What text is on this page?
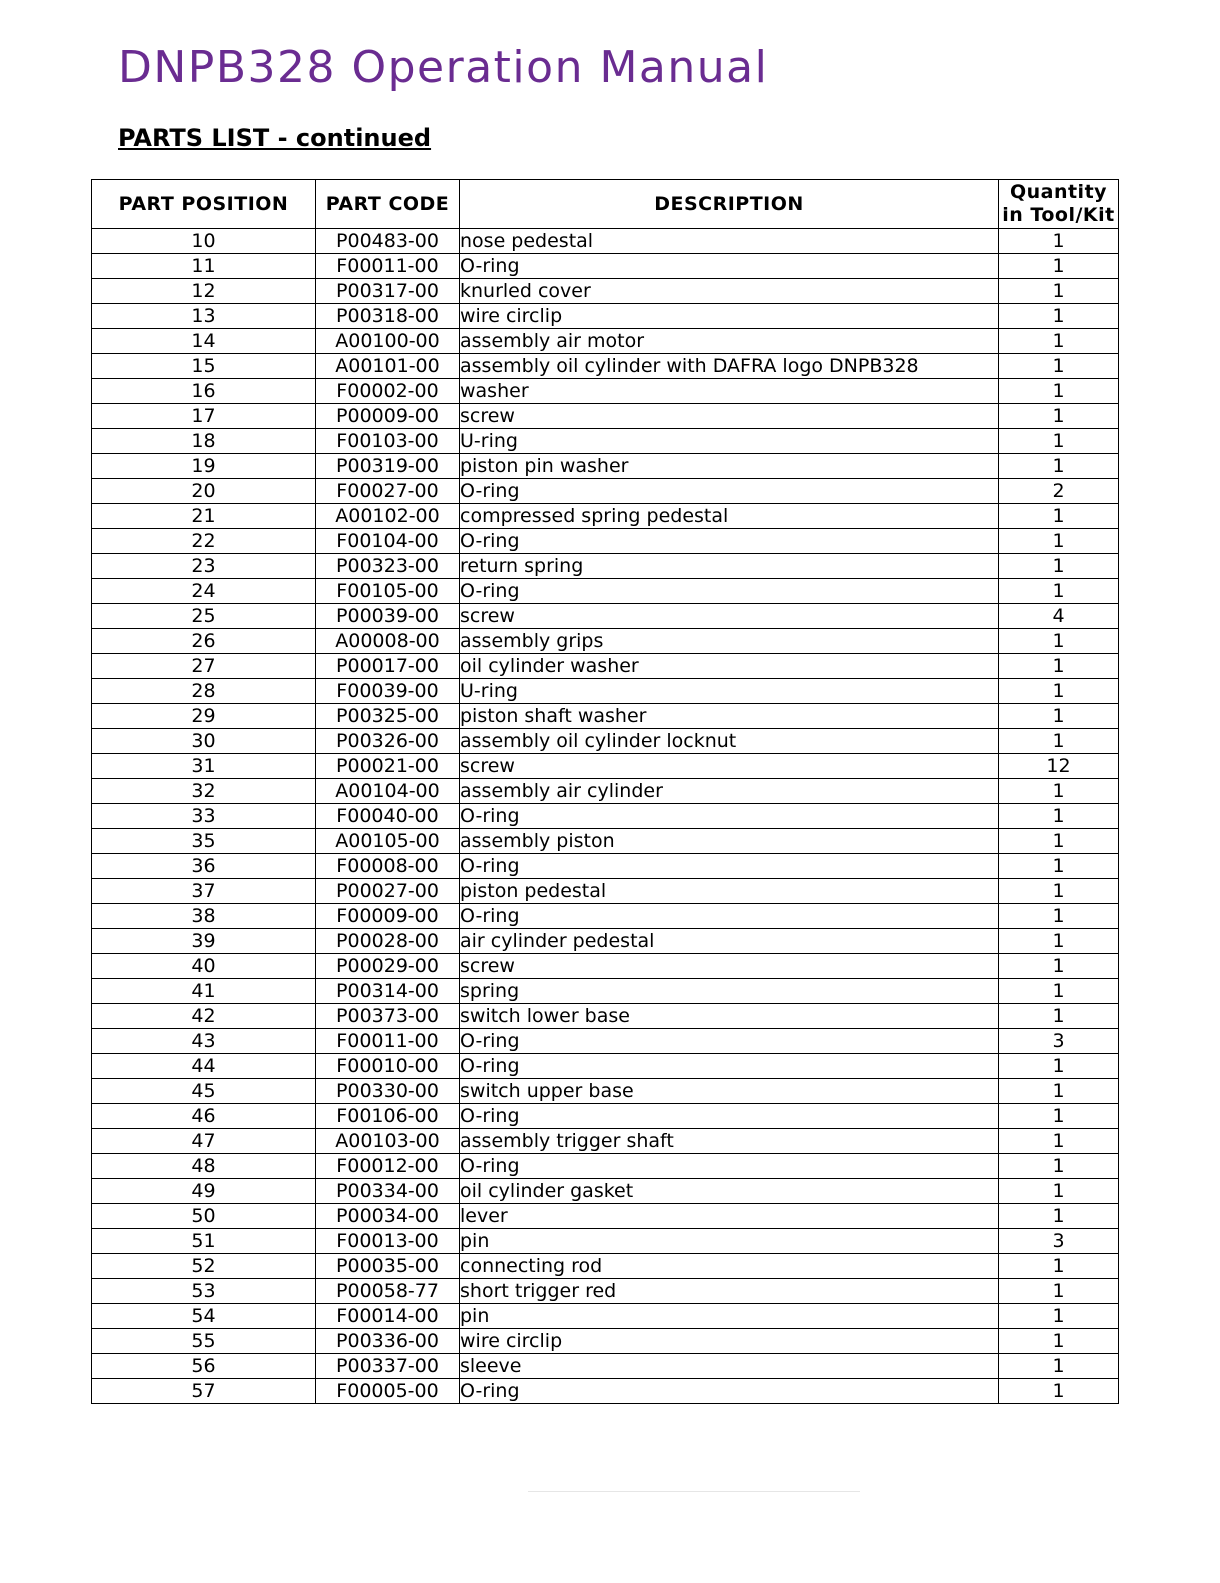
DNPB328 Operation Manual
PARTS LIST - continued
PART POSITION	PART CODE	DESCRIPTION	Quantity in Tool/Kit
10	P00483-00	nose pedestal	1
11	F00011-00	O-ring	1
12	P00317-00	knurled cover	1
13	P00318-00	wire circlip	1
14	A00100-00	assembly air motor	1
15	A00101-00	assembly oil cylinder with DAFRA logo DNPB328	1
16	F00002-00	washer	1
17	P00009-00	screw	1
18	F00103-00	U-ring	1
19	P00319-00	piston pin washer	1
20	F00027-00	O-ring	2
21	A00102-00	compressed spring pedestal	1
22	F00104-00	O-ring	1
23	P00323-00	return spring	1
24	F00105-00	O-ring	1
25	P00039-00	screw	4
26	A00008-00	assembly grips	1
27	P00017-00	oil cylinder washer	1
28	F00039-00	U-ring	1
29	P00325-00	piston shaft washer	1
30	P00326-00	assembly oil cylinder locknut	1
31	P00021-00	screw	12
32	A00104-00	assembly air cylinder	1
33	F00040-00	O-ring	1
35	A00105-00	assembly piston	1
36	F00008-00	O-ring	1
37	P00027-00	piston pedestal	1
38	F00009-00	O-ring	1
39	P00028-00	air cylinder pedestal	1
40	P00029-00	screw	1
41	P00314-00	spring	1
42	P00373-00	switch lower base	1
43	F00011-00	O-ring	3
44	F00010-00	O-ring	1
45	P00330-00	switch upper base	1
46	F00106-00	O-ring	1
47	A00103-00	assembly trigger shaft	1
48	F00012-00	O-ring	1
49	P00334-00	oil cylinder gasket	1
50	P00034-00	lever	1
51	F00013-00	pin	3
52	P00035-00	connecting rod	1
53	P00058-77	short trigger red	1
54	F00014-00	pin	1
55	P00336-00	wire circlip	1
56	P00337-00	sleeve	1
57	F00005-00	O-ring	1
